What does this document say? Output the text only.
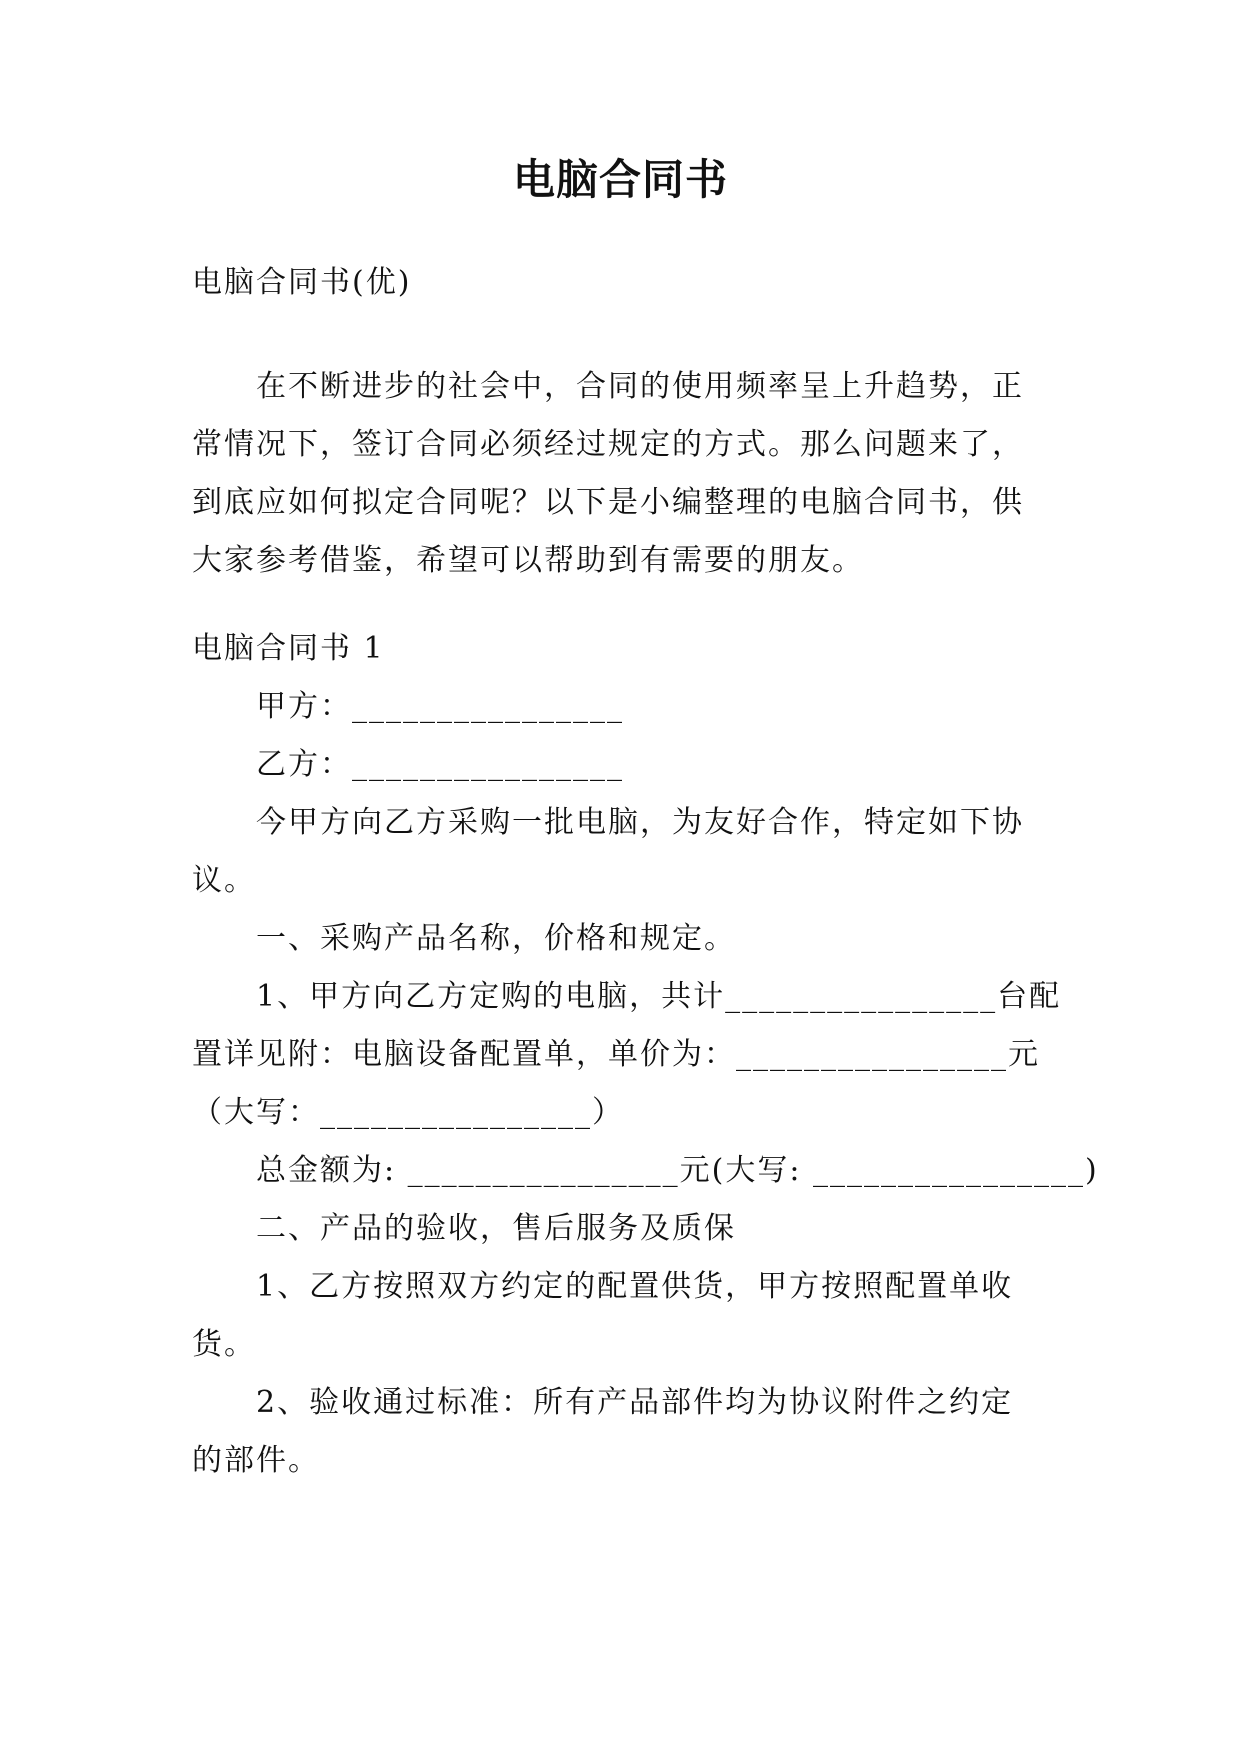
电脑合同书
电脑合同书(优)
在不断进步的社会中，合同的使用频率呈上升趋势，正
常情况下，签订合同必须经过规定的方式。那么问题来了，
到底应如何拟定合同呢？以下是小编整理的电脑合同书，供
大家参考借鉴，希望可以帮助到有需要的朋友。
电脑合同书 1
甲方：________________
乙方：________________
今甲方向乙方采购一批电脑，为友好合作，特定如下协
议。
一、采购产品名称，价格和规定。
1、甲方向乙方定购的电脑，共计________________台配
置详见附：电脑设备配置单，单价为：________________元
（大写：________________）
总金额为: ________________元(大写: ________________)
二、产品的验收，售后服务及质保
1、乙方按照双方约定的配置供货，甲方按照配置单收
货。
2、验收通过标准：所有产品部件均为协议附件之约定
的部件。
